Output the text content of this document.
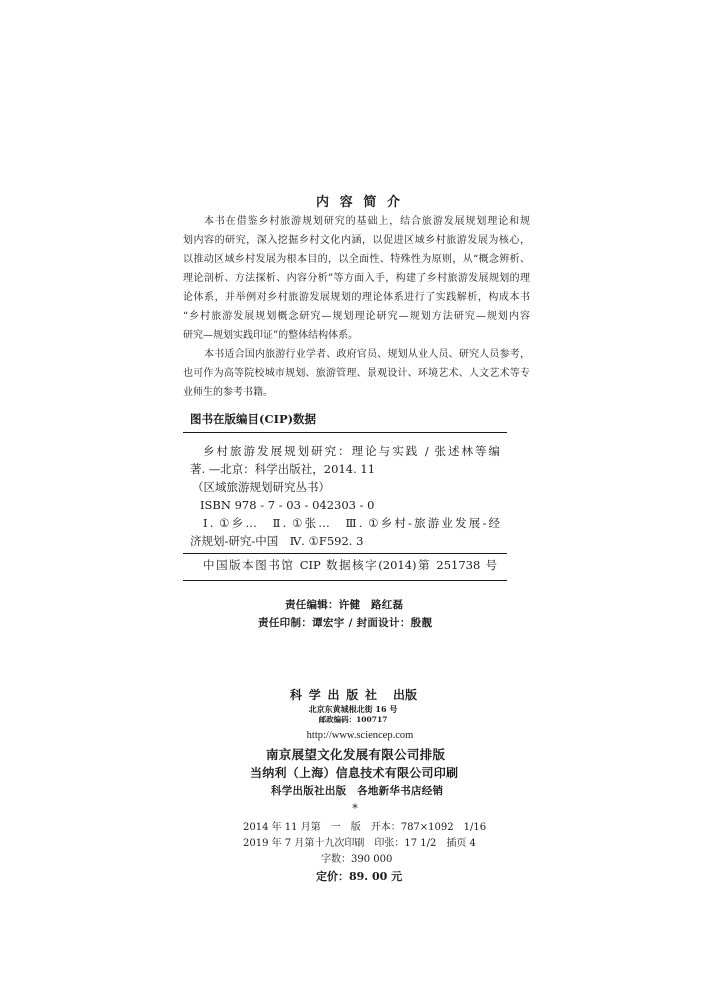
内 容 简 介
本书在借鉴乡村旅游规划研究的基础上，结合旅游发展规划理论和规
划内容的研究，深入挖掘乡村文化内涵，以促进区域乡村旅游发展为核心，
以推动区域乡村发展为根本目的，以全面性、特殊性为原则，从“概念辨析、
理论剖析、方法探析、内容分析”等方面入手，构建了乡村旅游发展规划的理
论体系，并举例对乡村旅游发展规划的理论体系进行了实践解析，构成本书
“乡村旅游发展规划概念研究—规划理论研究—规划方法研究—规划内容
研究—规划实践印证”的整体结构体系。
本书适合国内旅游行业学者、政府官员、规划从业人员、研究人员参考，
也可作为高等院校城市规划、旅游管理、景观设计、环境艺术、人文艺术等专
业师生的参考书籍。
图书在版编目(CIP)数据
乡村旅游发展规划研究：理论与实践 / 张述林等编
著. —北京：科学出版社，2014. 11
（区域旅游规划研究丛书）
ISBN 978 - 7 - 03 - 042303 - 0
Ⅰ. ①乡…　Ⅱ. ①张…　Ⅲ. ①乡村-旅游业发展-经
济规划-研究-中国　Ⅳ. ①F592. 3
中国版本图书馆 CIP 数据核字(2014)第 251738 号
责任编辑：许健　路红磊
责任印制：谭宏宇 / 封面设计：殷靓
科 学 出 版 社 出版
北京东黄城根北街 16 号
邮政编码：100717
http://www.sciencep.com
南京展望文化发展有限公司排版
当纳利（上海）信息技术有限公司印刷
科学出版社出版　各地新华书店经销
*
2014 年 11 月第　一　版　开本：787×1092　1/16
2019 年 7 月第十九次印刷　印张：17 1/2　插页 4
字数：390 000
定价：89. 00 元
